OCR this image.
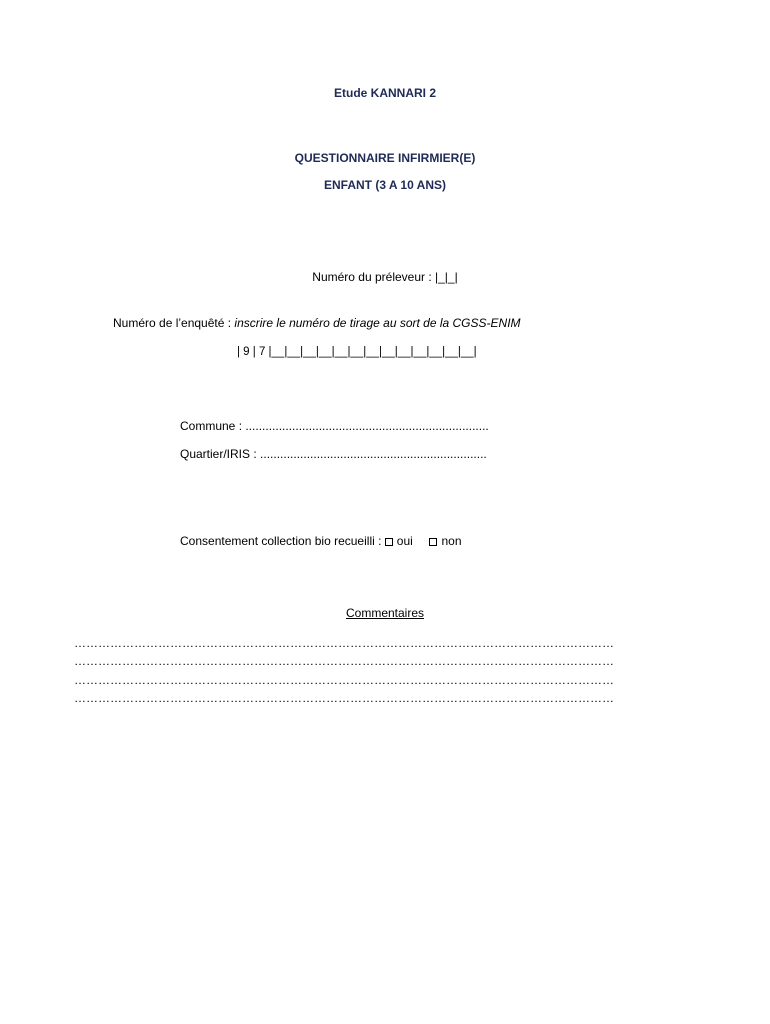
Etude KANNARI 2
QUESTIONNAIRE INFIRMIER(E)
ENFANT (3 A 10 ANS)
Numéro du préleveur : |_|_|
Numéro de l’enquêté : inscrire le numéro de tirage au sort de la CGSS-ENIM
| 9 | 7 |__|__|__|__|__|__|__|__|__|__|__|__|__|
Commune : .........................................................................
Quartier/IRIS : ....................................................................
Consentement collection bio recueilli : oui non
Commentaires
………………………………………………………………………………………………………………………
………………………………………………………………………………………………………………………
………………………………………………………………………………………………………………………
………………………………………………………………………………………………………………………
